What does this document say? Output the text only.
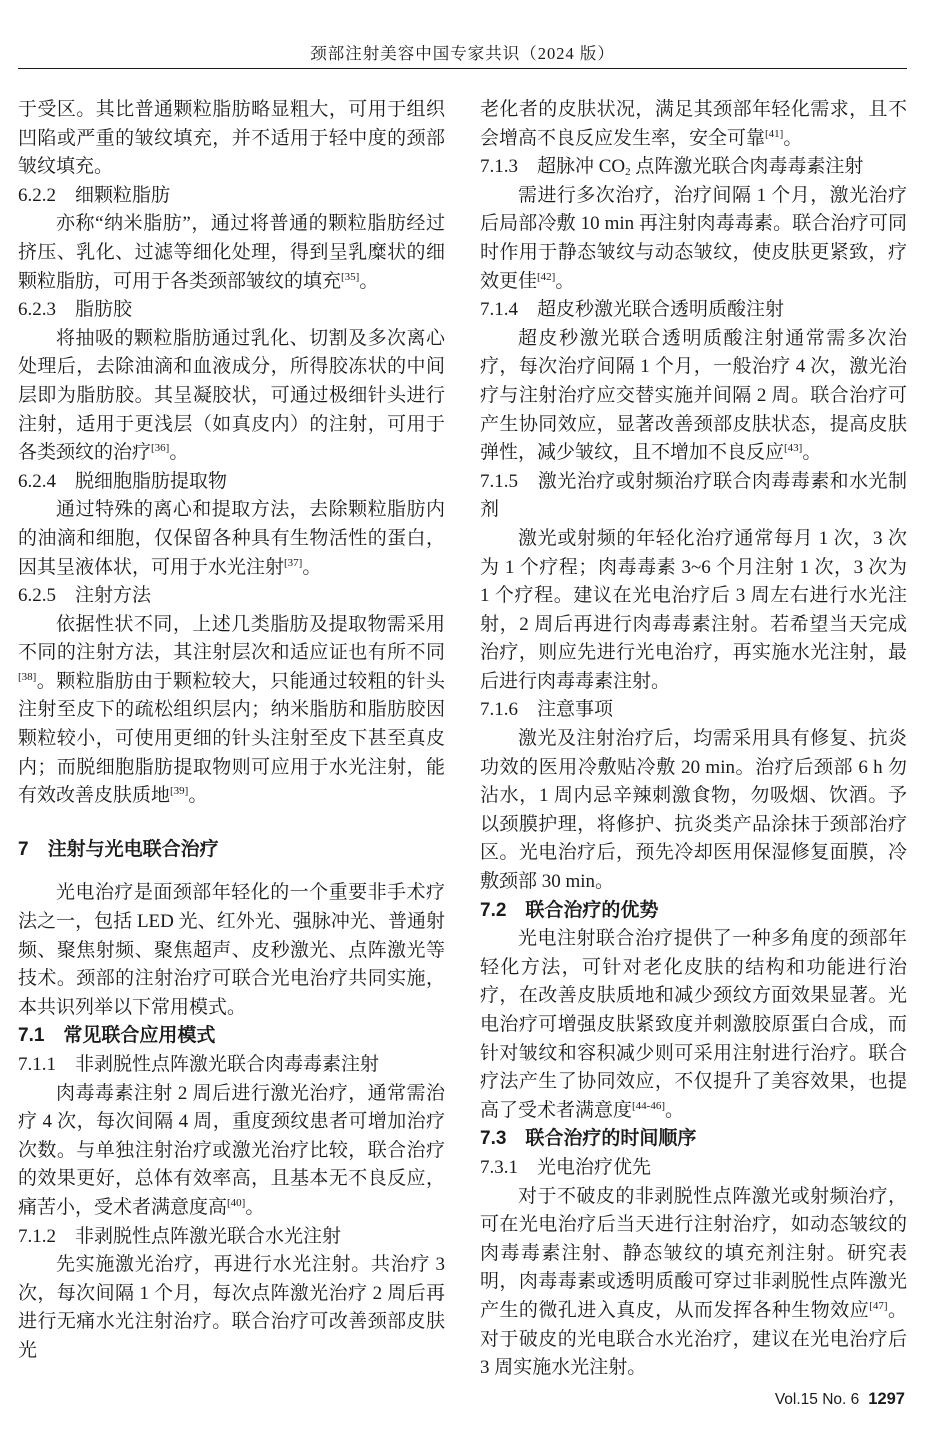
颈部注射美容中国专家共识（2024 版）
于受区。其比普通颗粒脂肪略显粗大，可用于组织凹陷或严重的皱纹填充，并不适用于轻中度的颈部皱纹填充。
6.2.2　细颗粒脂肪
亦称“纳米脂肪”，通过将普通的颗粒脂肪经过挤压、乳化、过滤等细化处理，得到呈乳糜状的细颗粒脂肪，可用于各类颈部皱纹的填充[35]。
6.2.3　脂肪胶
将抽吸的颗粒脂肪通过乳化、切割及多次离心处理后，去除油滴和血液成分，所得胶冻状的中间层即为脂肪胶。其呈凝胶状，可通过极细针头进行注射，适用于更浅层（如真皮内）的注射，可用于各类颈纹的治疗[36]。
6.2.4　脱细胞脂肪提取物
通过特殊的离心和提取方法，去除颗粒脂肪内的油滴和细胞，仅保留各种具有生物活性的蛋白，因其呈液体状，可用于水光注射[37]。
6.2.5　注射方法
依据性状不同，上述几类脂肪及提取物需采用不同的注射方法，其注射层次和适应证也有所不同[38]。颗粒脂肪由于颗粒较大，只能通过较粗的针头注射至皮下的疏松组织层内；纳米脂肪和脂肪胶因颗粒较小，可使用更细的针头注射至皮下甚至真皮内；而脱细胞脂肪提取物则可应用于水光注射，能有效改善皮肤质地[39]。
7　注射与光电联合治疗
光电治疗是面颈部年轻化的一个重要非手术疗法之一，包括 LED 光、红外光、强脉冲光、普通射频、聚焦射频、聚焦超声、皮秒激光、点阵激光等技术。颈部的注射治疗可联合光电治疗共同实施，本共识列举以下常用模式。
7.1　常见联合应用模式
7.1.1　非剥脱性点阵激光联合肉毒毒素注射
肉毒毒素注射 2 周后进行激光治疗，通常需治疗 4 次，每次间隔 4 周，重度颈纹患者可增加治疗次数。与单独注射治疗或激光治疗比较，联合治疗的效果更好，总体有效率高，且基本无不良反应，痛苦小，受术者满意度高[40]。
7.1.2　非剥脱性点阵激光联合水光注射
先实施激光治疗，再进行水光注射。共治疗 3 次，每次间隔 1 个月，每次点阵激光治疗 2 周后再进行无痛水光注射治疗。联合治疗可改善颈部皮肤光
老化者的皮肤状况，满足其颈部年轻化需求，且不会增高不良反应发生率，安全可靠[41]。
7.1.3　超脉冲 $CO_2$ 点阵激光联合肉毒毒素注射
需进行多次治疗，治疗间隔 1 个月，激光治疗后局部冷敷 10 min 再注射肉毒毒素。联合治疗可同时作用于静态皱纹与动态皱纹，使皮肤更紧致，疗效更佳[42]。
7.1.4　超皮秒激光联合透明质酸注射
超皮秒激光联合透明质酸注射通常需多次治疗，每次治疗间隔 1 个月，一般治疗 4 次，激光治疗与注射治疗应交替实施并间隔 2 周。联合治疗可产生协同效应，显著改善颈部皮肤状态，提高皮肤弹性，减少皱纹，且不增加不良反应[43]。
7.1.5　激光治疗或射频治疗联合肉毒毒素和水光制剂
激光或射频的年轻化治疗通常每月 1 次，3 次为 1 个疗程；肉毒毒素 3~6 个月注射 1 次，3 次为 1 个疗程。建议在光电治疗后 3 周左右进行水光注射，2 周后再进行肉毒毒素注射。若希望当天完成治疗，则应先进行光电治疗，再实施水光注射，最后进行肉毒毒素注射。
7.1.6　注意事项
激光及注射治疗后，均需采用具有修复、抗炎功效的医用冷敷贴冷敷 20 min。治疗后颈部 6 h 勿沾水，1 周内忌辛辣刺激食物，勿吸烟、饮酒。予以颈膜护理，将修护、抗炎类产品涂抹于颈部治疗区。光电治疗后，预先冷却医用保湿修复面膜，冷敷颈部 30 min。
7.2　联合治疗的优势
光电注射联合治疗提供了一种多角度的颈部年轻化方法，可针对老化皮肤的结构和功能进行治疗，在改善皮肤质地和减少颈纹方面效果显著。光电治疗可增强皮肤紧致度并刺激胶原蛋白合成，而针对皱纹和容积减少则可采用注射进行治疗。联合疗法产生了协同效应，不仅提升了美容效果，也提高了受术者满意度[44-46]。
7.3　联合治疗的时间顺序
7.3.1　光电治疗优先
对于不破皮的非剥脱性点阵激光或射频治疗，可在光电治疗后当天进行注射治疗，如动态皱纹的肉毒毒素注射、静态皱纹的填充剂注射。研究表明，肉毒毒素或透明质酸可穿过非剥脱性点阵激光产生的微孔进入真皮，从而发挥各种生物效应[47]。对于破皮的光电联合水光治疗，建议在光电治疗后 3 周实施水光注射。
Vol.15 No. 6 1297
